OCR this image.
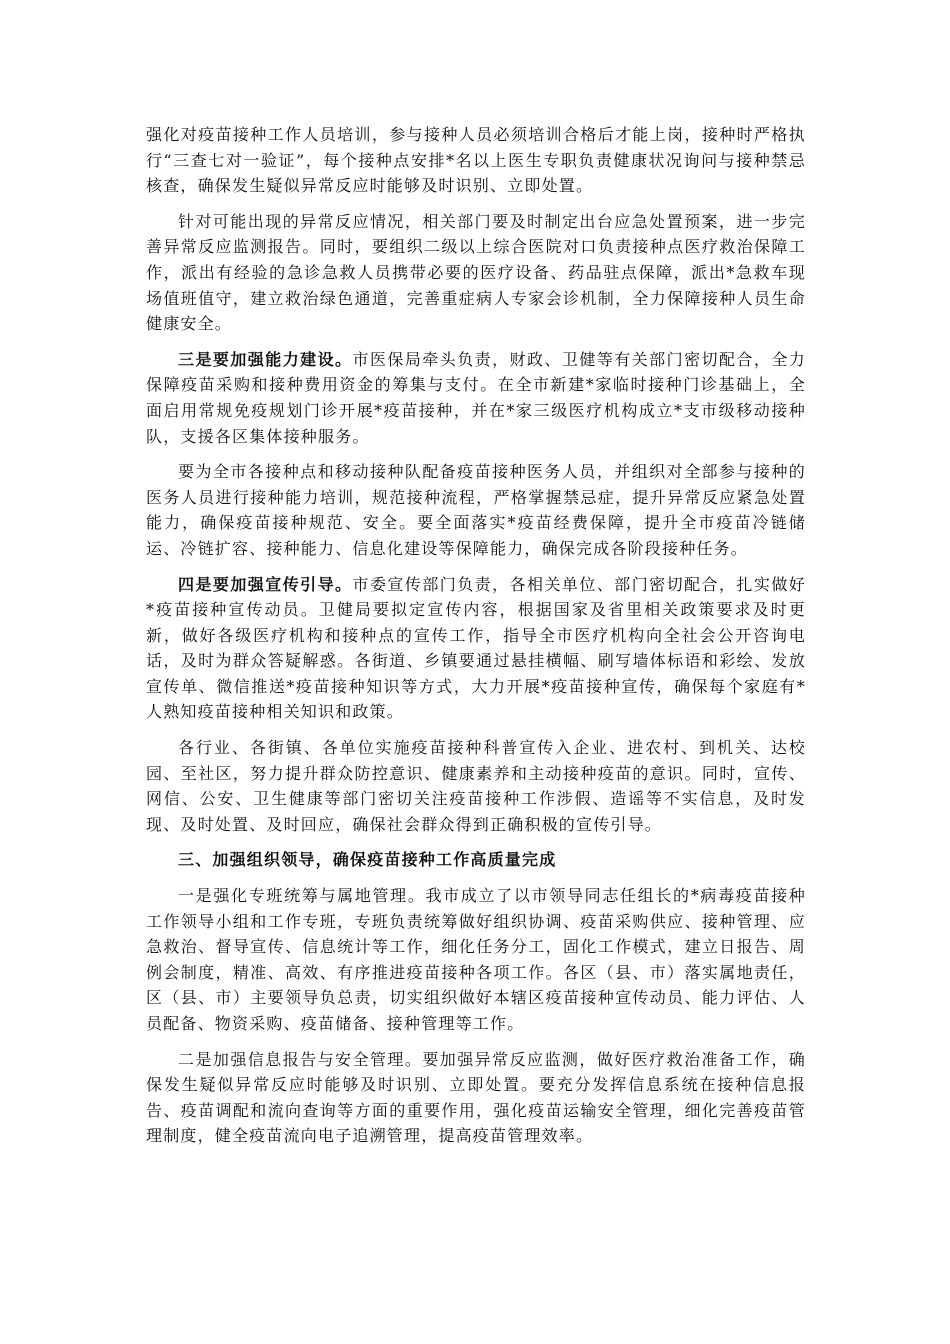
强化对疫苗接种工作人员培训，参与接种人员必须培训合格后才能上岗，接种时严格执行“三查七对一验证”，每个接种点安排*名以上医生专职负责健康状况询问与接种禁忌核查，确保发生疑似异常反应时能够及时识别、立即处置。

针对可能出现的异常反应情况，相关部门要及时制定出台应急处置预案，进一步完善异常反应监测报告。同时，要组织二级以上综合医院对口负责接种点医疗救治保障工作，派出有经验的急诊急救人员携带必要的医疗设备、药品驻点保障，派出*急救车现场值班值守，建立救治绿色通道，完善重症病人专家会诊机制，全力保障接种人员生命健康安全。

三是要加强能力建设。市医保局牵头负责，财政、卫健等有关部门密切配合，全力保障疫苗采购和接种费用资金的筹集与支付。在全市新建*家临时接种门诊基础上，全面启用常规免疫规划门诊开展*疫苗接种，并在*家三级医疗机构成立*支市级移动接种队，支援各区集体接种服务。

要为全市各接种点和移动接种队配备疫苗接种医务人员，并组织对全部参与接种的医务人员进行接种能力培训，规范接种流程，严格掌握禁忌症，提升异常反应紧急处置能力，确保疫苗接种规范、安全。要全面落实*疫苗经费保障，提升全市疫苗冷链储运、冷链扩容、接种能力、信息化建设等保障能力，确保完成各阶段接种任务。

四是要加强宣传引导。市委宣传部门负责，各相关单位、部门密切配合，扎实做好*疫苗接种宣传动员。卫健局要拟定宣传内容，根据国家及省里相关政策要求及时更新，做好各级医疗机构和接种点的宣传工作，指导全市医疗机构向全社会公开咨询电话，及时为群众答疑解惑。各街道、乡镇要通过悬挂横幅、刷写墙体标语和彩绘、发放宣传单、微信推送*疫苗接种知识等方式，大力开展*疫苗接种宣传，确保每个家庭有*人熟知疫苗接种相关知识和政策。

各行业、各街镇、各单位实施疫苗接种科普宣传入企业、进农村、到机关、达校园、至社区，努力提升群众防控意识、健康素养和主动接种疫苗的意识。同时，宣传、网信、公安、卫生健康等部门密切关注疫苗接种工作涉假、造谣等不实信息，及时发现、及时处置、及时回应，确保社会群众得到正确积极的宣传引导。

三、加强组织领导，确保疫苗接种工作高质量完成

一是强化专班统筹与属地管理。我市成立了以市领导同志任组长的*病毒疫苗接种工作领导小组和工作专班，专班负责统筹做好组织协调、疫苗采购供应、接种管理、应急救治、督导宣传、信息统计等工作，细化任务分工，固化工作模式，建立日报告、周例会制度，精准、高效、有序推进疫苗接种各项工作。各区（县、市）落实属地责任，区（县、市）主要领导负总责，切实组织做好本辖区疫苗接种宣传动员、能力评估、人员配备、物资采购、疫苗储备、接种管理等工作。

二是加强信息报告与安全管理。要加强异常反应监测，做好医疗救治准备工作，确保发生疑似异常反应时能够及时识别、立即处置。要充分发挥信息系统在接种信息报告、疫苗调配和流向查询等方面的重要作用，强化疫苗运输安全管理，细化完善疫苗管理制度，健全疫苗流向电子追溯管理，提高疫苗管理效率。
